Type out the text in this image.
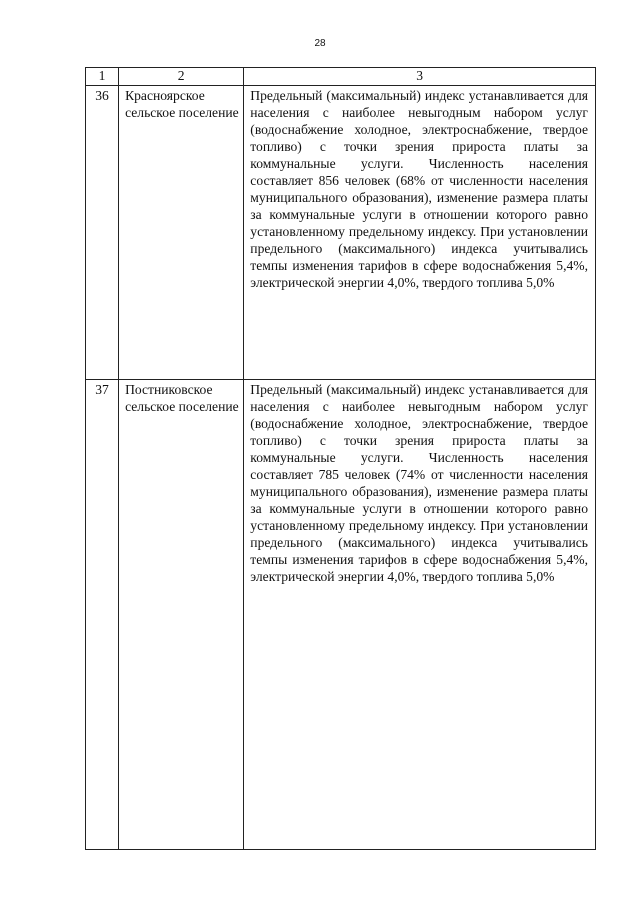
28
1	2	3
36	Красноярское сельское поселение	Предельный (максимальный) индекс устанавливается для населения с наиболее невыгодным набором услуг (водоснабжение холодное, электроснабжение, твердое топливо) с точки зрения прироста платы за коммунальные услуги. Численность населения составляет 856 человек (68% от численности населения муниципального образования), изменение размера платы за коммунальные услуги в отношении которого равно установленному предельному индексу. При установлении предельного (максимального) индекса учитывались темпы изменения тарифов в сфере водоснабжения 5,4%, электрической энергии 4,0%, твердого топлива 5,0%
37	Постниковское сельское поселение	Предельный (максимальный) индекс устанавливается для населения с наиболее невыгодным набором услуг (водоснабжение холодное, электроснабжение, твердое топливо) с точки зрения прироста платы за коммунальные услуги. Численность населения составляет 785 человек (74% от численности населения муниципального образования), изменение размера платы за коммунальные услуги в отношении которого равно установленному предельному индексу. При установлении предельного (максимального) индекса учитывались темпы изменения тарифов в сфере водоснабжения 5,4%, электрической энергии 4,0%, твердого топлива 5,0%
